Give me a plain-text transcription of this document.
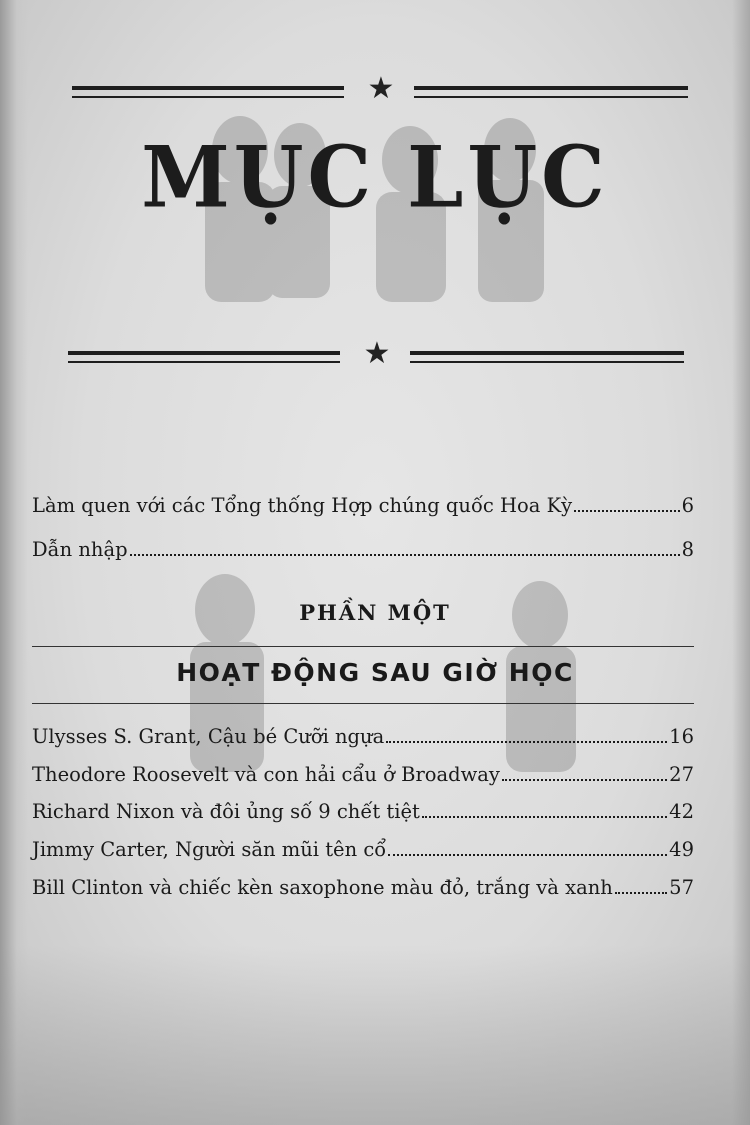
★
MỤC LỤC
★
Làm quen với các Tổng thống Hợp chúng quốc Hoa Kỳ	6
Dẫn nhập	8
PHẦN MỘT
HOẠT ĐỘNG SAU GIỜ HỌC
Ulysses S. Grant, Cậu bé Cưỡi ngựa	16
Theodore Roosevelt và con hải cẩu ở Broadway	27
Richard Nixon và đôi ủng số 9 chết tiệt	42
Jimmy Carter, Người săn mũi tên cổ	49
Bill Clinton và chiếc kèn saxophone màu đỏ, trắng và xanh	57
